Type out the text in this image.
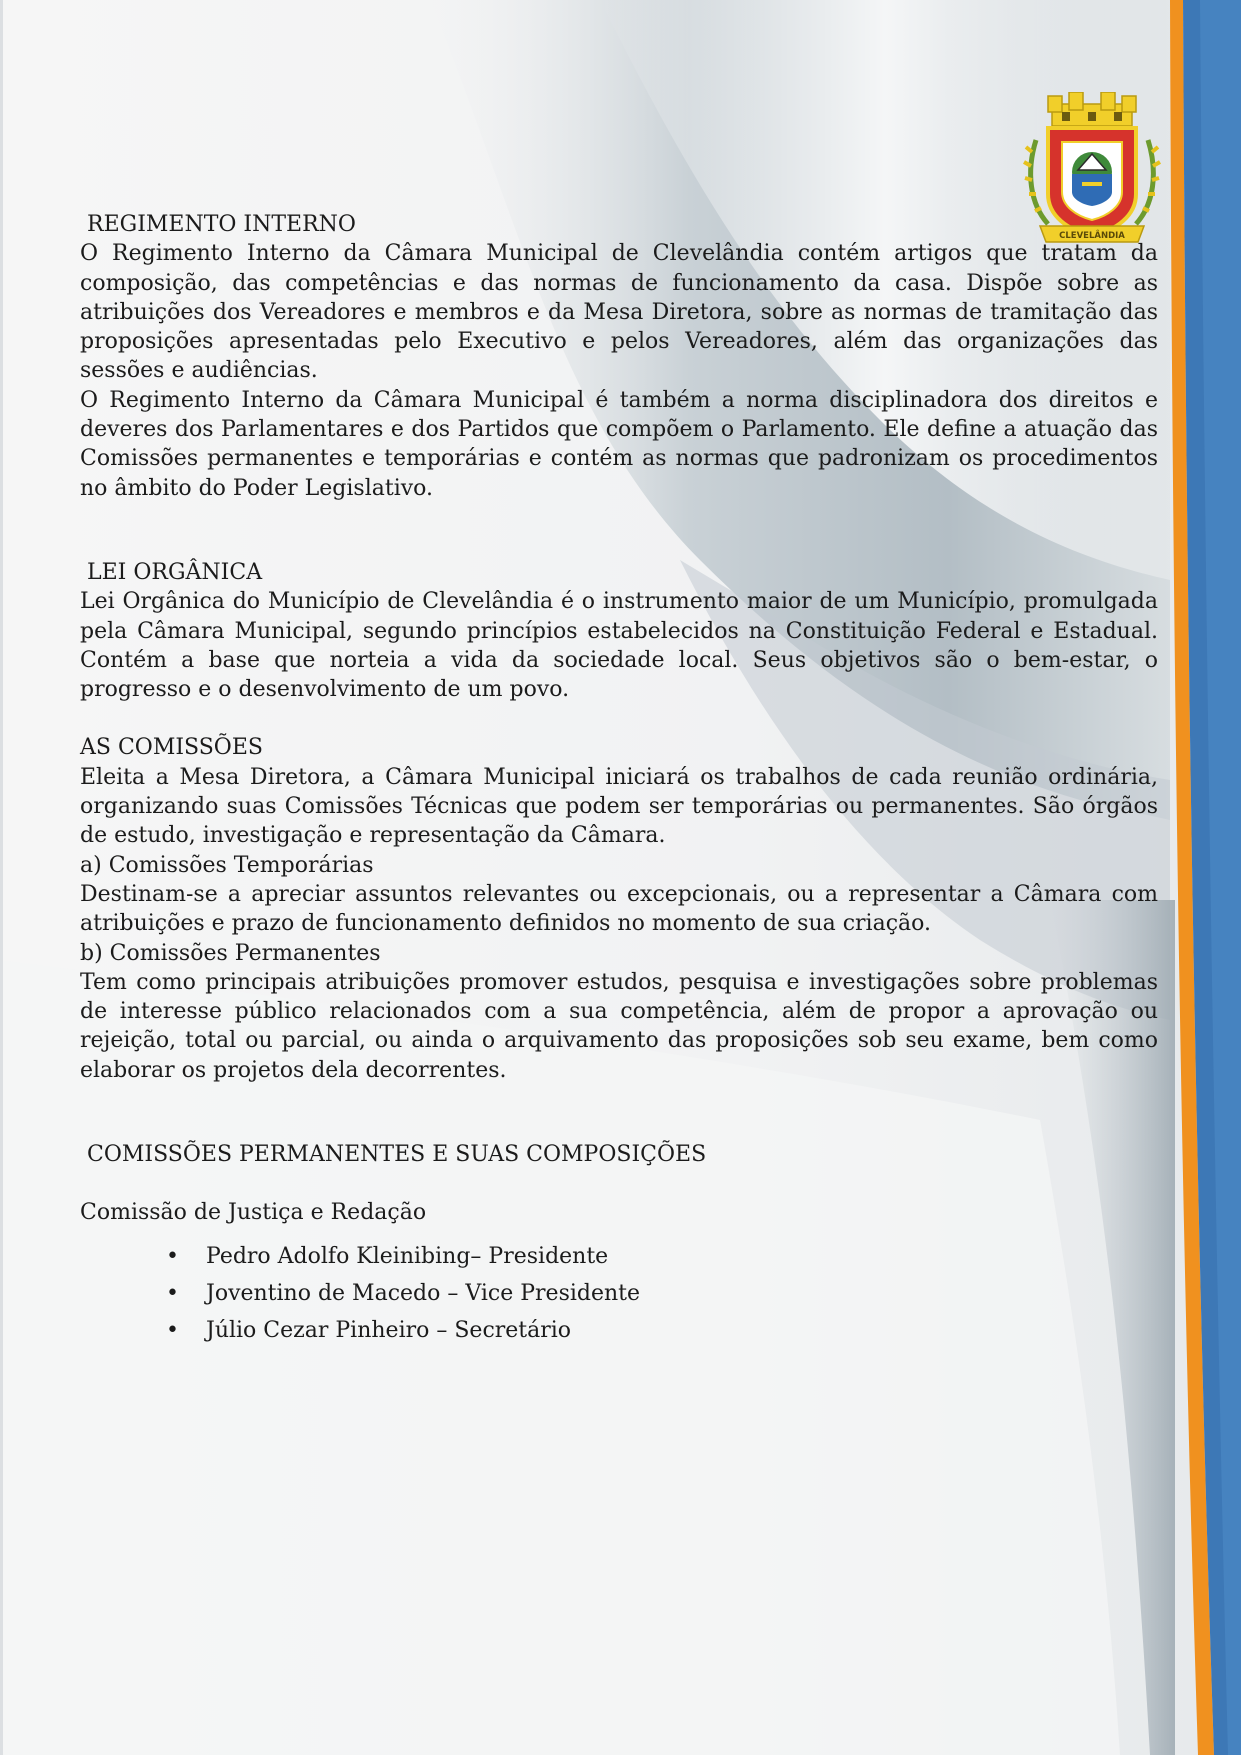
CLEVELÂNDIA
REGIMENTO INTERNO

O Regimento Interno da Câmara Municipal de Clevelândia contém artigos que tratam da composição, das competências e das normas de funcionamento da casa. Dispõe sobre as atribuições dos Vereadores e membros e da Mesa Diretora, sobre as normas de tramitação das proposições apresentadas pelo Executivo e pelos Vereadores, além das organizações das sessões e audiências.

O Regimento Interno da Câmara Municipal é também a norma disciplinadora dos direitos e deveres dos Parlamentares e dos Partidos que compõem o Parlamento. Ele define a atuação das Comissões permanentes e temporárias e contém as normas que padronizam os procedimentos no âmbito do Poder Legislativo.

LEI ORGÂNICA

Lei Orgânica do Município de Clevelândia é o instrumento maior de um Município, promulgada pela Câmara Municipal, segundo princípios estabelecidos na Constituição Federal e Estadual. Contém a base que norteia a vida da sociedade local. Seus objetivos são o bem-estar, o progresso e o desenvolvimento de um povo.

AS COMISSÕES

Eleita a Mesa Diretora, a Câmara Municipal iniciará os trabalhos de cada reunião ordinária, organizando suas Comissões Técnicas que podem ser temporárias ou permanentes. São órgãos de estudo, investigação e representação da Câmara.

a) Comissões Temporárias

Destinam-se a apreciar assuntos relevantes ou excepcionais, ou a representar a Câmara com atribuições e prazo de funcionamento definidos no momento de sua criação.

b) Comissões Permanentes

Tem como principais atribuições promover estudos, pesquisa e investigações sobre problemas de interesse público relacionados com a sua competência, além de propor a aprovação ou rejeição, total ou parcial, ou ainda o arquivamento das proposições sob seu exame, bem como elaborar os projetos dela decorrentes.

COMISSÕES PERMANENTES E SUAS COMPOSIÇÕES

Comissão de Justiça e Redação

• Pedro Adolfo Kleinibing– Presidente
• Joventino de Macedo – Vice Presidente
• Júlio Cezar Pinheiro – Secretário
